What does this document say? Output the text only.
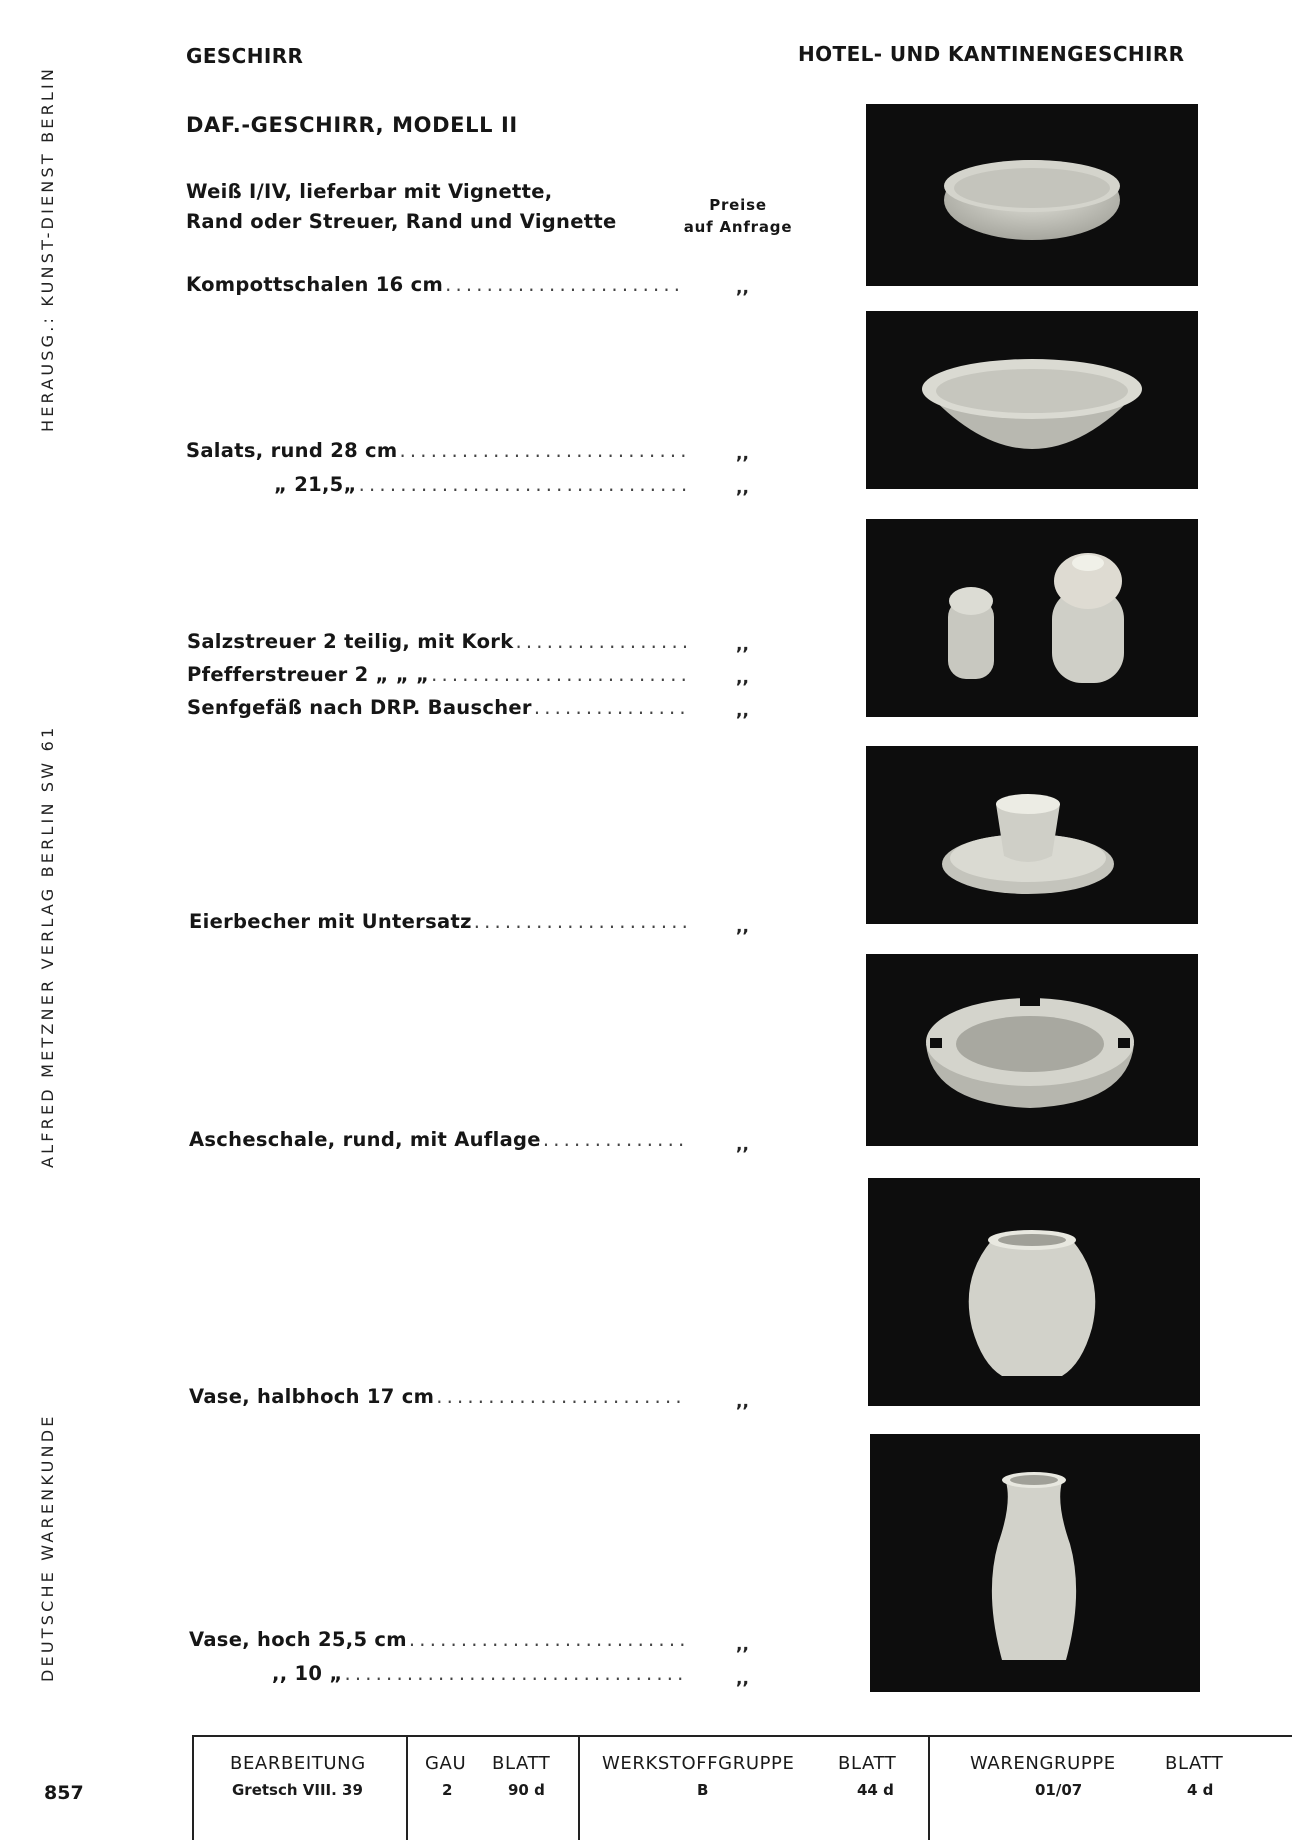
HERAUSG.: KUNST-DIENST BERLIN
ALFRED METZNER VERLAG BERLIN SW 61
DEUTSCHE WARENKUNDE
GESCHIRR	HOTEL- UND KANTINENGESCHIRR
DAF.-GESCHIRR, MODELL II
Weiß I/IV, lieferbar mit Vignette,
Rand oder Streuer, Rand und Vignette
Preise
auf Anfrage
Kompottschalen 16 cm . . .	,,
Salats, rund 28 cm . . .	,,
„ 21,5„ . . .	,,
Salzstreuer 2 teilig, mit Kork . . .	,,
Pfefferstreuer 2 „ „ „ . . .	,,
Senfgefäß nach DRP. Bauscher . . .	,,
Eierbecher mit Untersatz . . .	,,
Ascheschale, rund, mit Auflage . . .	,,
Vase, halbhoch 17 cm . . .	,,
Vase, hoch 25,5 cm . . .	,,
,, 10 „ . . .	,,
857
BEARBEITUNG
Gretsch VIII. 39
GAU
2
BLATT
90 d
WERKSTOFFGRUPPE
B
BLATT
44 d
WARENGRUPPE
01/07
BLATT
4 d
